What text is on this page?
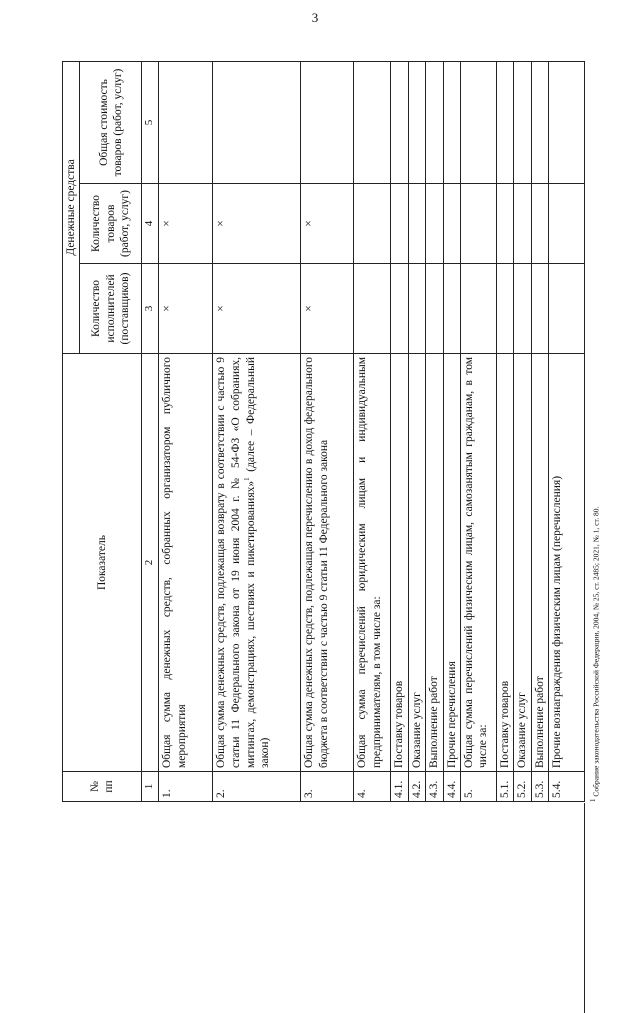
3
№
пп	Показатель	Денежные средства		
		Количество исполнителей (поставщиков)	Количество товаров (работ, услуг)	Общая стоимость товаров (работ, услуг)
1	2	3	4	5
1.	Общая сумма денежных средств, собранных организатором публичного мероприятия	×	×	
2.	Общая сумма денежных средств, подлежащая возврату в соответствии с частью 9 статьи 11 Федерального закона от 19 июня 2004 г. № 54-ФЗ «О собраниях, митингах, демонстрациях, шествиях и пикетированиях»$^1$ (далее – Федеральный закон)	×	×	
3.	Общая сумма денежных средств, подлежащая перечислению в доход федерального бюджета в соответствии с частью 9 статьи 11 Федерального закона	×	×	
4.	Общая сумма перечислений юридическим лицам и индивидуальным предпринимателям, в том числе за:			
4.1.	Поставку товаров			
4.2.	Оказание услуг			
4.3.	Выполнение работ			
4.4.	Прочие перечисления			
5.	Общая сумма перечислений физическим лицам, самозанятым гражданам, в том числе за:			
5.1.	Поставку товаров			
5.2.	Оказание услуг			
5.3.	Выполнение работ			
5.4.	Прочие вознаграждения физическим лицам (перечисления)			
$^1$ Собрание законодательства Российской Федерации, 2004, № 25, ст. 2485; 2021, № 1, ст. 80.
